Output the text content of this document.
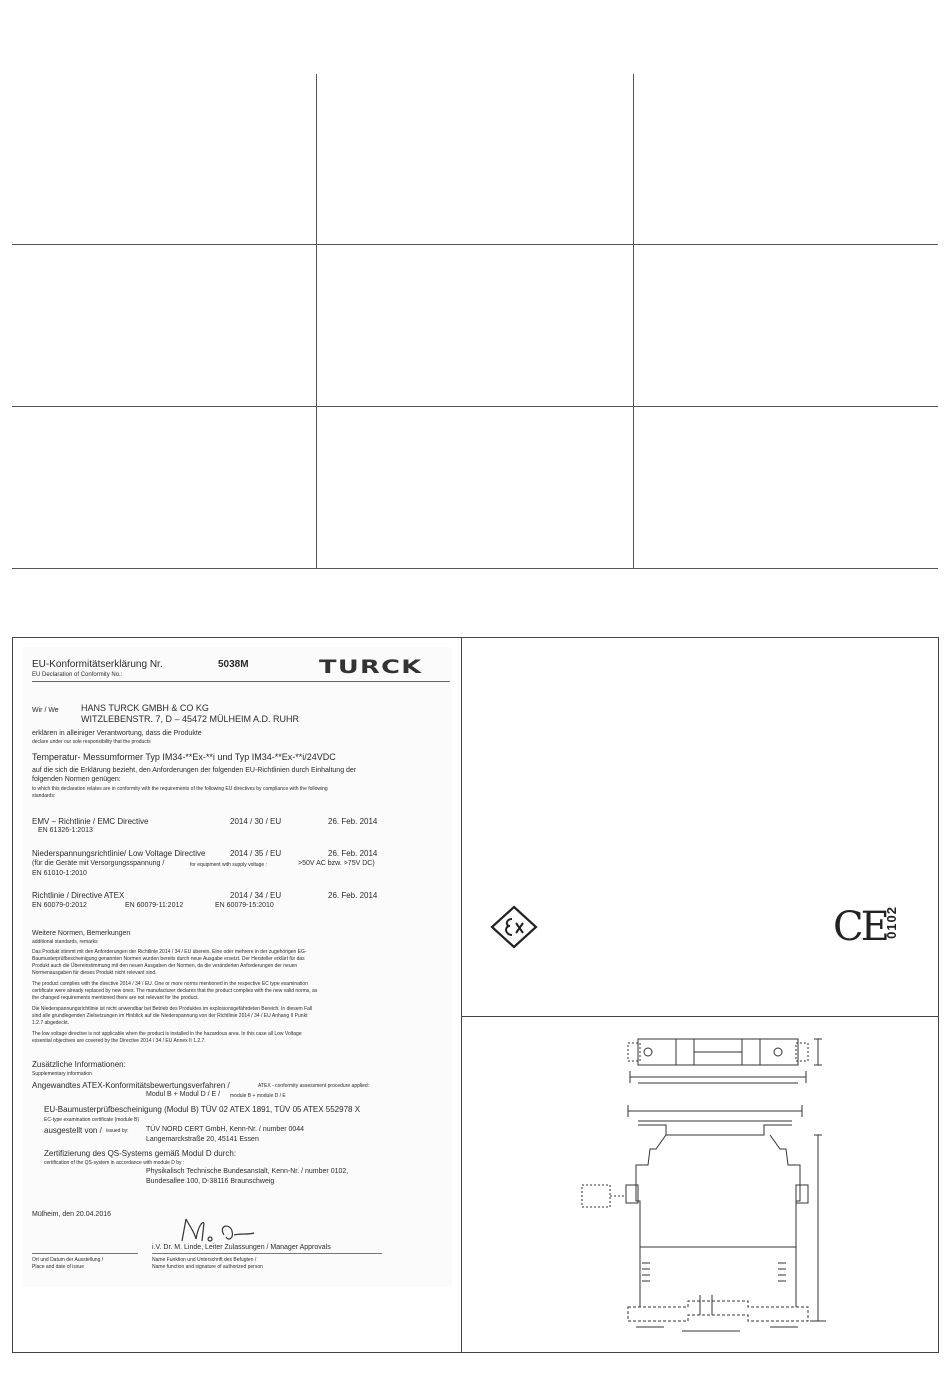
EU-Konformitätserklärung Nr.	5038M	TURCK
EU Declaration of Conformity No.:
Wir / We HANS TURCK GMBH & CO KG
WITZLEBENSTR. 7, D – 45472 MÜLHEIM A.D. RUHR
erklären in alleiniger Verantwortung, dass die Produkte
declare under our sole responsibility that the products
Temperatur- Messumformer Typ IM34-**Ex-**i und Typ IM34-**Ex-**i/24VDC
auf die sich die Erklärung bezieht, den Anforderungen der folgenden EU-Richtlinien durch Einhaltung der
folgenden Normen genügen:
to which this declaration relates are in conformity with the requirements of the following EU directives by compliance with the following
standards:
EMV – Richtlinie / EMC Directive	2014 / 30 / EU	26. Feb. 2014
EN 61326-1:2013
Niederspannungsrichtlinie/ Low Voltage Directive	2014 / 35 / EU	26. Feb. 2014
(für die Geräte mit Versorgungsspannung /	for equipment with supply voltage :	>50V AC bzw. >75V DC)
EN 61010-1:2010
Richtlinie / Directive ATEX	2014 / 34 / EU	26. Feb. 2014
EN 60079-0:2012	EN 60079-11:2012	EN 60079-15:2010
Weitere Normen, Bemerkungen
additional standards, remarks
Das Produkt stimmt mit den Anforderungen der Richtlinie 2014 / 34 / EU überein. Eine oder mehrere in der zugehörigen EG-
Baumusterprüfbescheinigung genannten Normen wurden bereits durch neue Ausgabe ersetzt. Der Hersteller erklärt für das
Produkt auch die Übereinstimmung mit den neuen Ausgaben der Normen, da die veränderten Anforderungen der neuen
Normenausgaben für dieses Produkt nicht relevant sind.
The product complies with the directive 2014 / 34 / EU. One or more norms mentioned in the respective EC type examination
certificate were already replaced by new ones. The manufacturer declares that the product complies with the new valid norms, as
the changed requirements mentioned there are not relevant for the product.
Die Niederspannungsrichtlinie ist nicht anwendbar bei Betrieb des Produktes im explosionsgefährdeten Bereich. In diesem Fall
sind alle grundlegenden Zielsetzungen im Hinblick auf die Niederspannung von der Richtlinie 2014 / 34 / EU Anhang II Punkt
1.2.7 abgedeckt.
The low voltage directive is not applicable when the product is installed in the hazardous area. In this case all Low Voltage
essential objectives are covered by the Directive 2014 / 34 / EU Annex II 1.2.7.
Zusätzliche Informationen:
Supplementary information
Angewandtes ATEX-Konformitätsbewertungsverfahren /	ATEX - conformity assessment procedure applied:
Modul B + Modul D / E / module B + module D / E
EU-Baumusterprüfbescheinigung (Modul B) TÜV 02 ATEX 1891, TÜV 05 ATEX 552978 X
EC-type examination certificate (module B)
ausgestellt von / issued by: TÜV NORD CERT GmbH, Kenn-Nr. / number 0044
Langemarckstraße 20, 45141 Essen
Zertifizierung des QS-Systems gemäß Modul D durch:
certification of the QS-system in accordance with module D by :
Physikalisch Technische Bundesanstalt, Kenn-Nr. / number 0102,
Bundesallee 100, D-38116 Braunschweig
Mülheim, den 20.04.2016
i.V. Dr. M. Linde, Leiter Zulassungen / Manager Approvals
Ort und Datum der Ausstellung /
Place and date of issue
Name Funktion und Unterschrift des Befugten /
Name function and signature of authorized person
CE
0102
